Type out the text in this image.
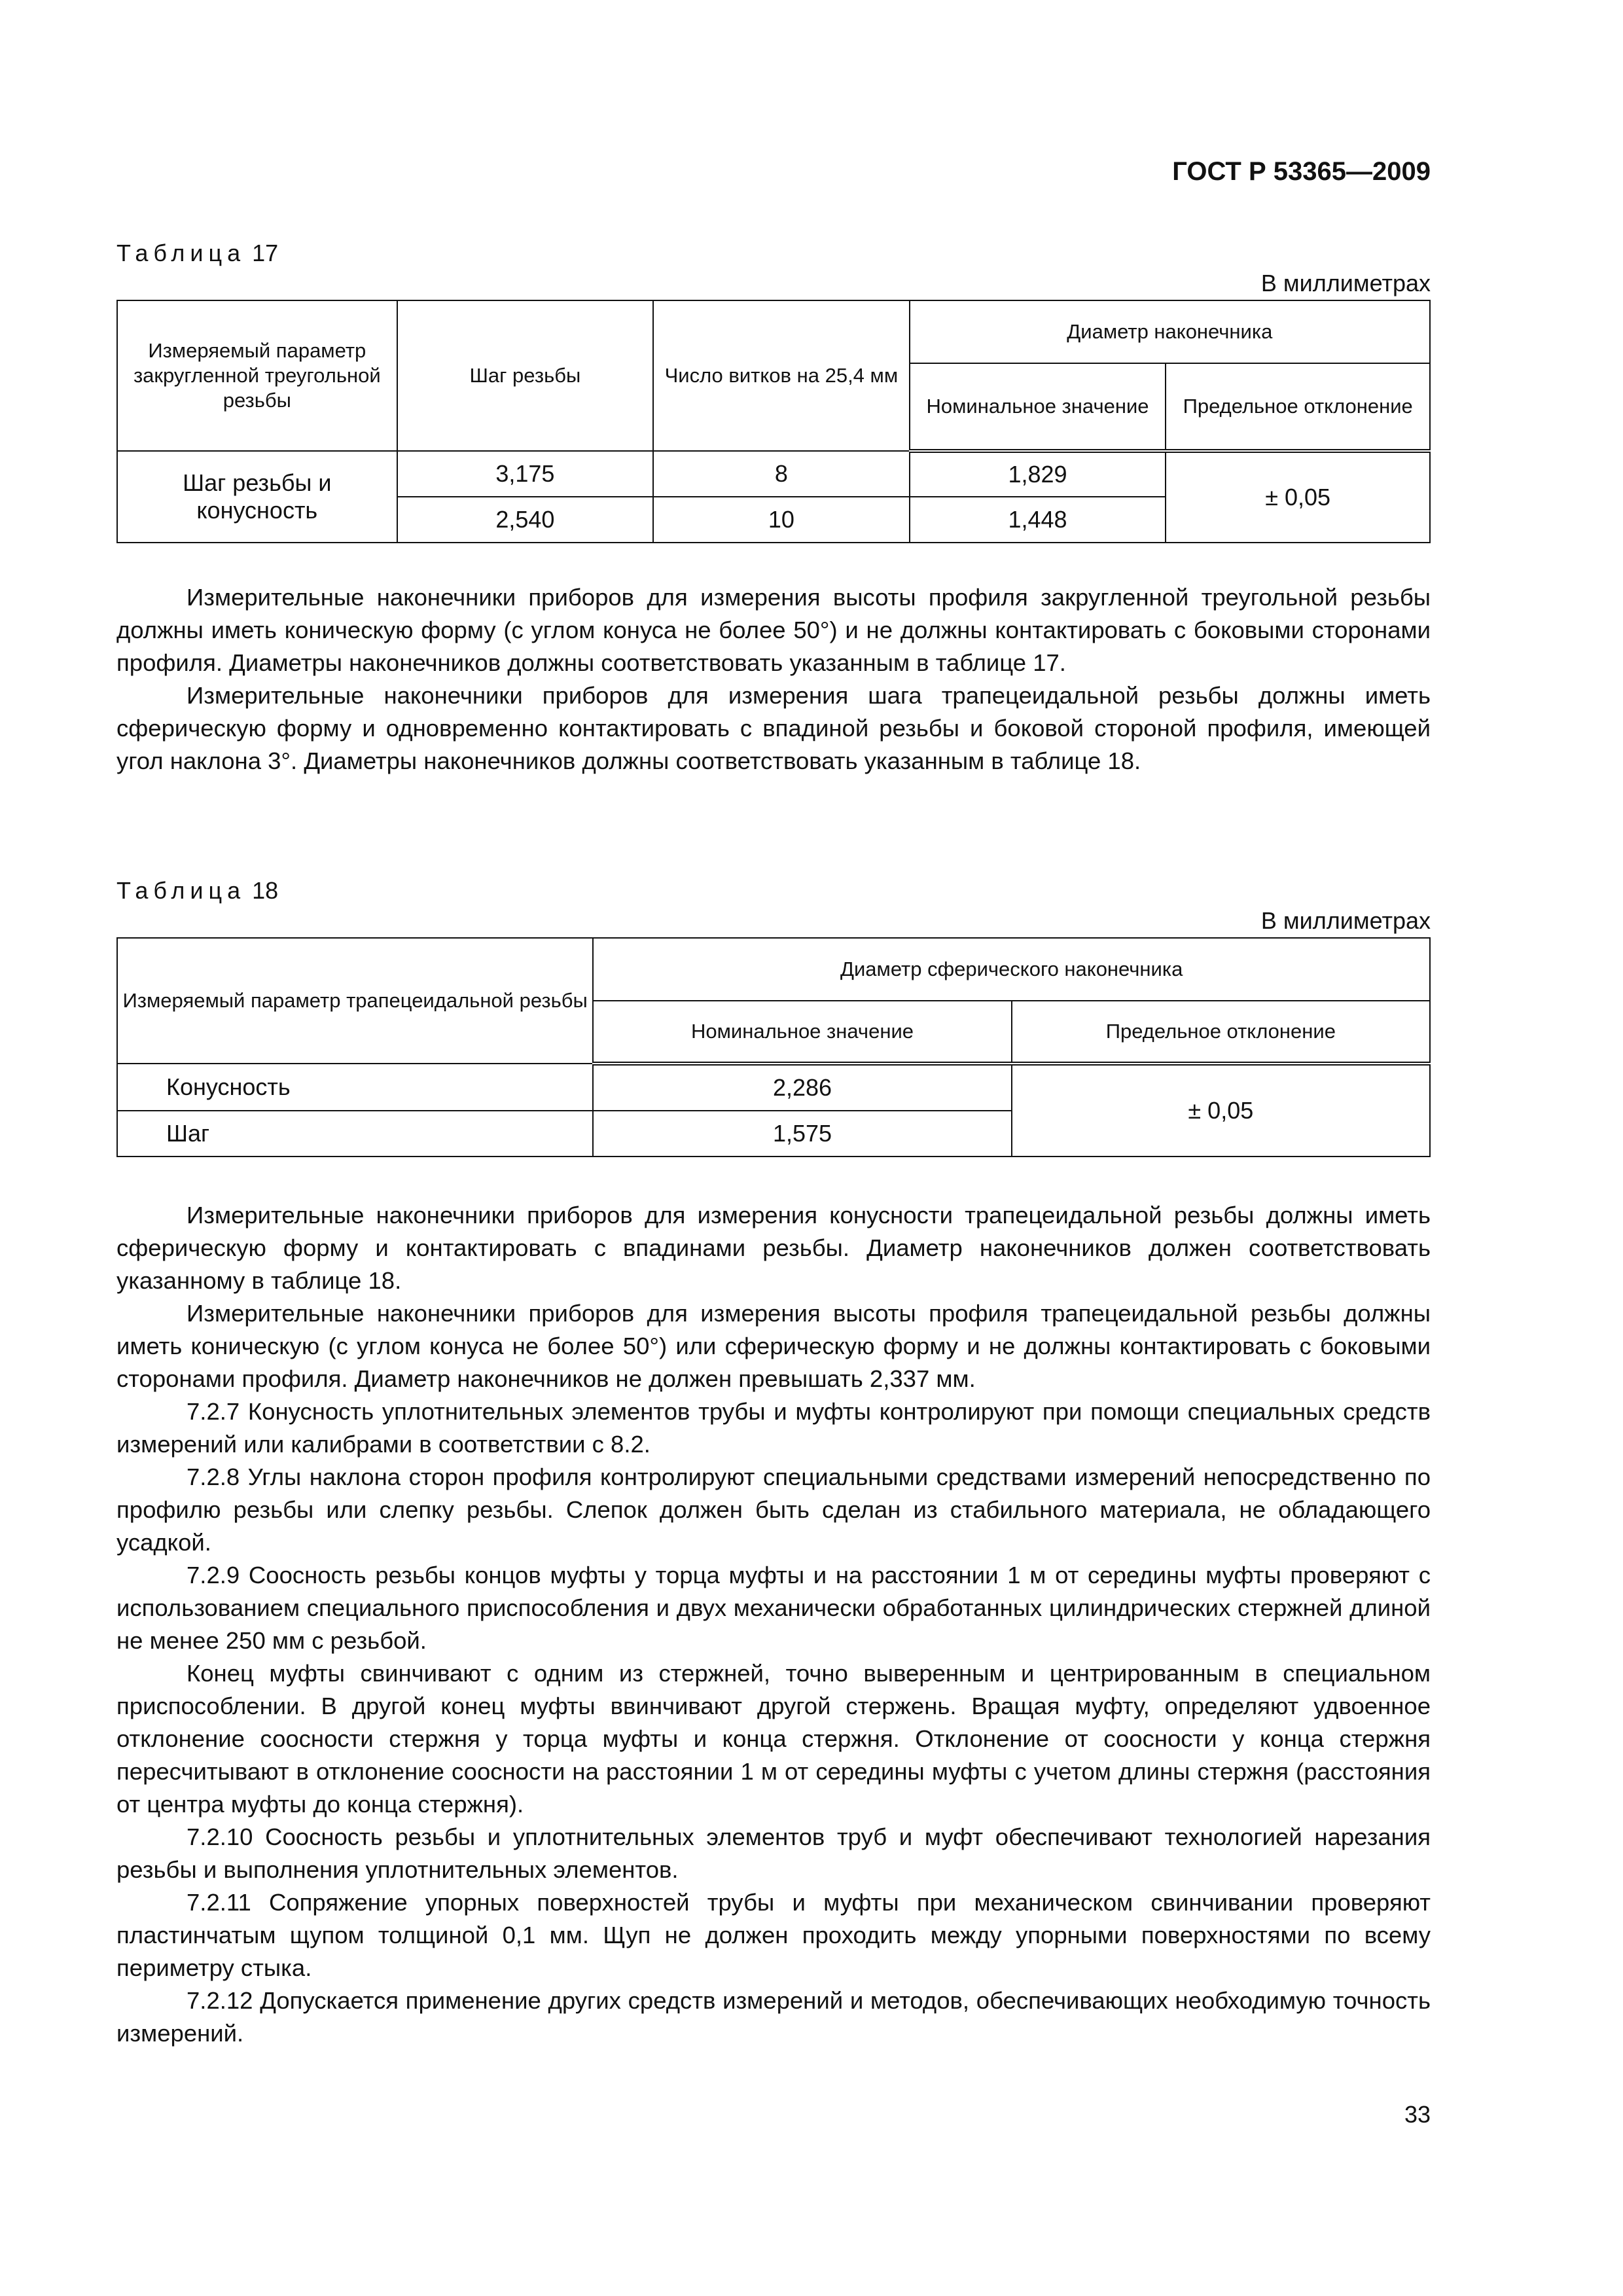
ГОСТ Р 53365—2009
Таблица 17
В миллиметрах
Измеряемый параметр закругленной треугольной резьбы	Шаг резьбы	Число витков на 25,4 мм	Диаметр наконечника	
			Номинальное значение	Предельное отклонение
Шаг резьбы и конусность	3,175	8	1,829	± 0,05
	2,540	10	1,448	

Измерительные наконечники приборов для измерения высоты профиля закругленной треугольной резьбы должны иметь коническую форму (с углом конуса не более 50°) и не должны контактировать с боковыми сторонами профиля. Диаметры наконечников должны соответствовать указанным в таблице 17.

Измерительные наконечники приборов для измерения шага трапецеидальной резьбы должны иметь сферическую форму и одновременно контактировать с впадиной резьбы и боковой стороной профиля, имеющей угол наклона 3°. Диаметры наконечников должны соответствовать указанным в таблице 18.

Таблица 18
В миллиметрах
Измеряемый параметр трапецеидальной резьбы	Диаметр сферического наконечника	
	Номинальное значение	Предельное отклонение
Конусность	2,286	± 0,05
Шаг	1,575	

Измерительные наконечники приборов для измерения конусности трапецеидальной резьбы должны иметь сферическую форму и контактировать с впадинами резьбы. Диаметр наконечников должен соответствовать указанному в таблице 18.

Измерительные наконечники приборов для измерения высоты профиля трапецеидальной резьбы должны иметь коническую (с углом конуса не более 50°) или сферическую форму и не должны контактировать с боковыми сторонами профиля. Диаметр наконечников не должен превышать 2,337 мм.

7.2.7 Конусность уплотнительных элементов трубы и муфты контролируют при помощи специальных средств измерений или калибрами в соответствии с 8.2.

7.2.8 Углы наклона сторон профиля контролируют специальными средствами измерений непосредственно по профилю резьбы или слепку резьбы. Слепок должен быть сделан из стабильного материала, не обладающего усадкой.

7.2.9 Соосность резьбы концов муфты у торца муфты и на расстоянии 1 м от середины муфты проверяют с использованием специального приспособления и двух механически обработанных цилиндрических стержней длиной не менее 250 мм с резьбой.

Конец муфты свинчивают с одним из стержней, точно выверенным и центрированным в специальном приспособлении. В другой конец муфты ввинчивают другой стержень. Вращая муфту, определяют удвоенное отклонение соосности стержня у торца муфты и конца стержня. Отклонение от соосности у конца стержня пересчитывают в отклонение соосности на расстоянии 1 м от середины муфты с учетом длины стержня (расстояния от центра муфты до конца стержня).

7.2.10 Соосность резьбы и уплотнительных элементов труб и муфт обеспечивают технологией нарезания резьбы и выполнения уплотнительных элементов.

7.2.11 Сопряжение упорных поверхностей трубы и муфты при механическом свинчивании проверяют пластинчатым щупом толщиной 0,1 мм. Щуп не должен проходить между упорными поверхностями по всему периметру стыка.

7.2.12 Допускается применение других средств измерений и методов, обеспечивающих необходимую точность измерений.

33
